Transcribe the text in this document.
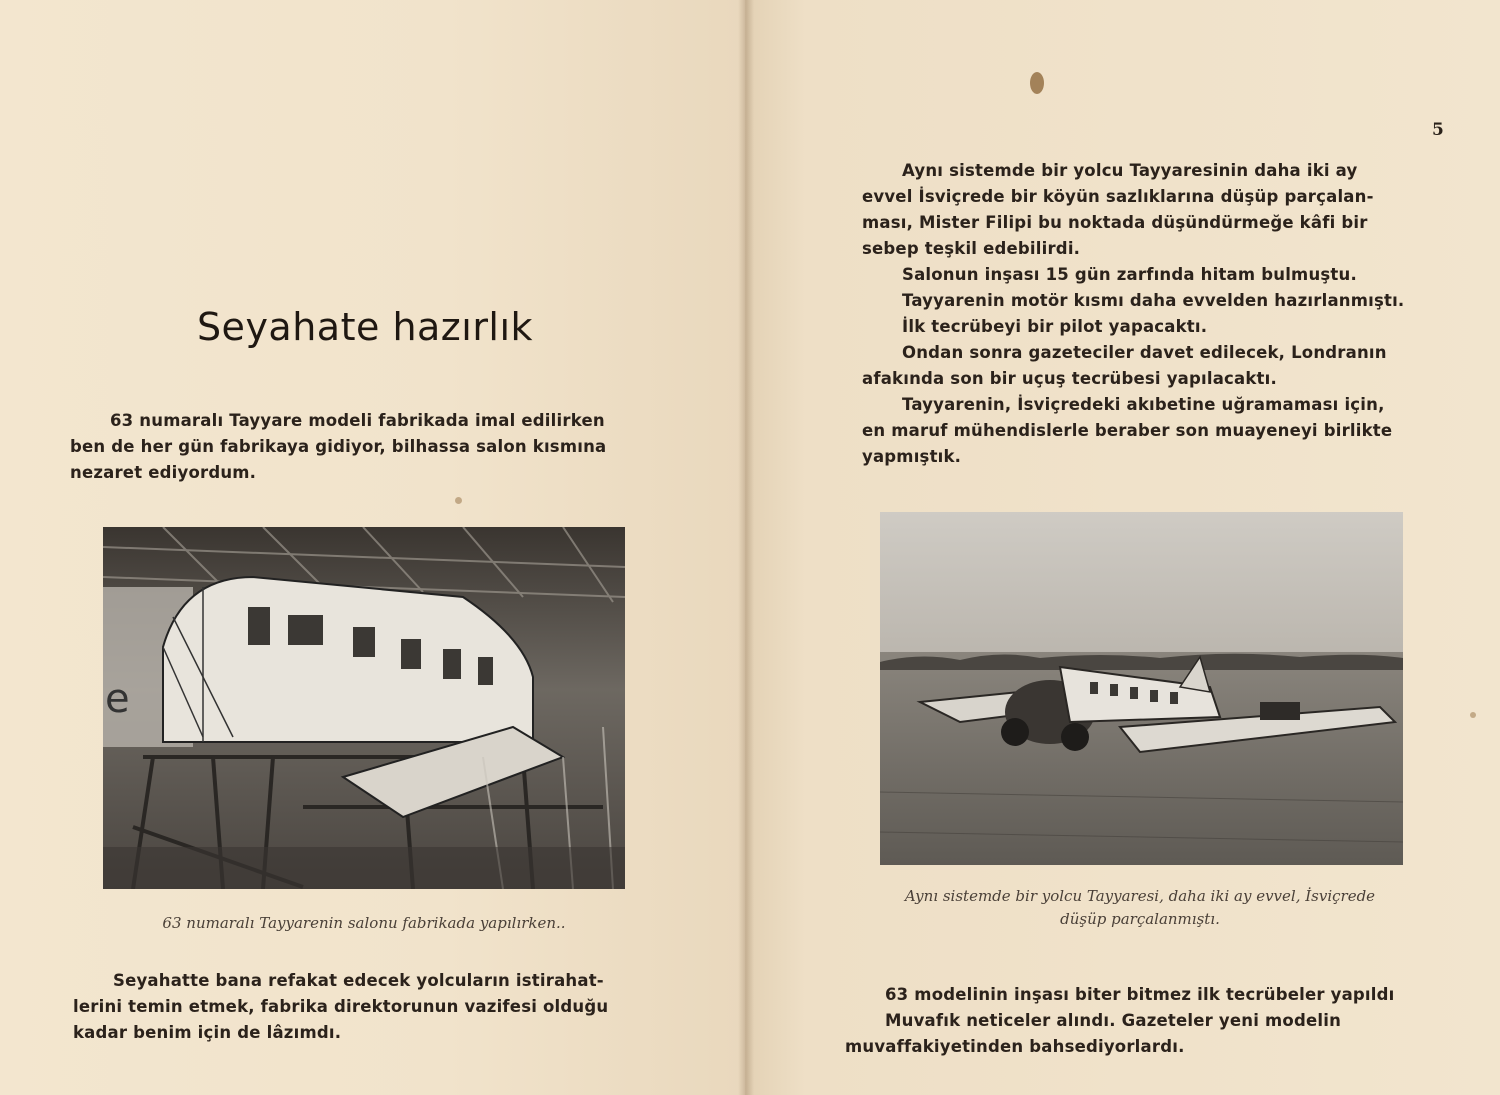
Seyahate hazırlık

63 numaralı Tayyare modeli fabrikada imal edilirken

ben de her gün fabrikaya gidiyor, bilhassa salon kısmına

nezaret ediyordum.

e
63 numaralı Tayyarenin salonu fabrikada yapılırken..

Seyahatte bana refakat edecek yolcuların istirahat-

lerini temin etmek, fabrika direktorunun vazifesi olduğu

kadar benim için de lâzımdı.

5

Aynı sistemde bir yolcu Tayyaresinin daha iki ay

evvel İsviçrede bir köyün sazlıklarına düşüp parçalan-

ması, Mister Filipi bu noktada düşündürmeğe kâfi bir

sebep teşkil edebilirdi.

Salonun inşası 15 gün zarfında hitam bulmuştu.

Tayyarenin motör kısmı daha evvelden hazırlanmıştı.

İlk tecrübeyi bir pilot yapacaktı.

Ondan sonra gazeteciler davet edilecek, Londranın

afakında son bir uçuş tecrübesi yapılacaktı.

Tayyarenin, İsviçredeki akıbetine uğramaması için,

en maruf mühendislerle beraber son muayeneyi birlikte

yapmıştık.

Aynı sistemde bir yolcu Tayyaresi, daha iki ay evvel, İsviçrede
düşüp parçalanmıştı.

63 modelinin inşası biter bitmez ilk tecrübeler yapıldı

Muvafık neticeler alındı. Gazeteler yeni modelin

muvaffakiyetinden bahsediyorlardı.
